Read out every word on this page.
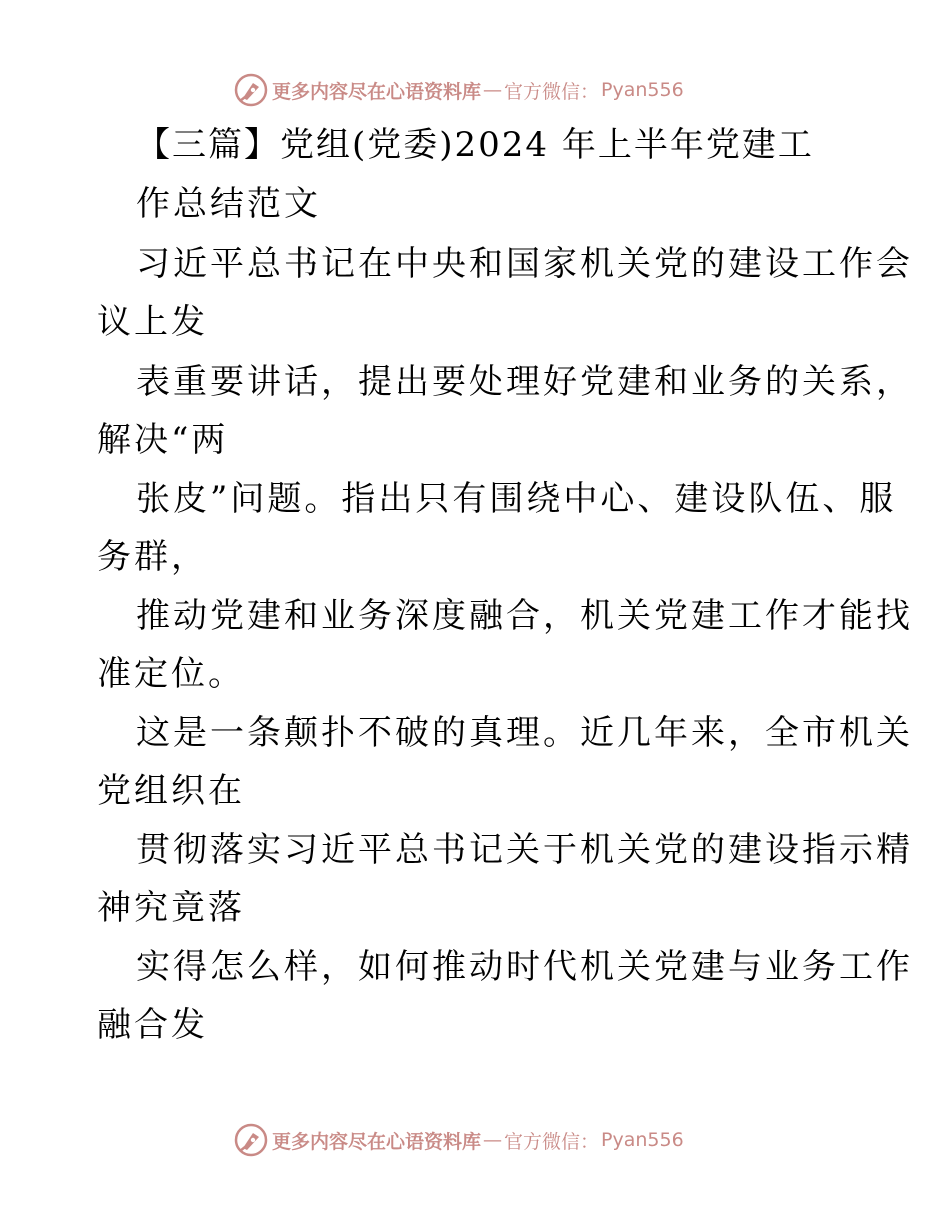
更多内容尽在心语资料库 — 官方微信： Pyan556
【三篇】党组(党委)2024 年上半年党建工
作总结范文
习近平总书记在中央和国家机关党的建设工作会
议上发
表重要讲话，提出要处理好党建和业务的关系，
解决“两
张皮”问题。指出只有围绕中心、建设队伍、服
务群，
推动党建和业务深度融合，机关党建工作才能找
准定位。
这是一条颠扑不破的真理。近几年来，全市机关
党组织在
贯彻落实习近平总书记关于机关党的建设指示精
神究竟落
实得怎么样，如何推动时代机关党建与业务工作
融合发
更多内容尽在心语资料库 — 官方微信： Pyan556
